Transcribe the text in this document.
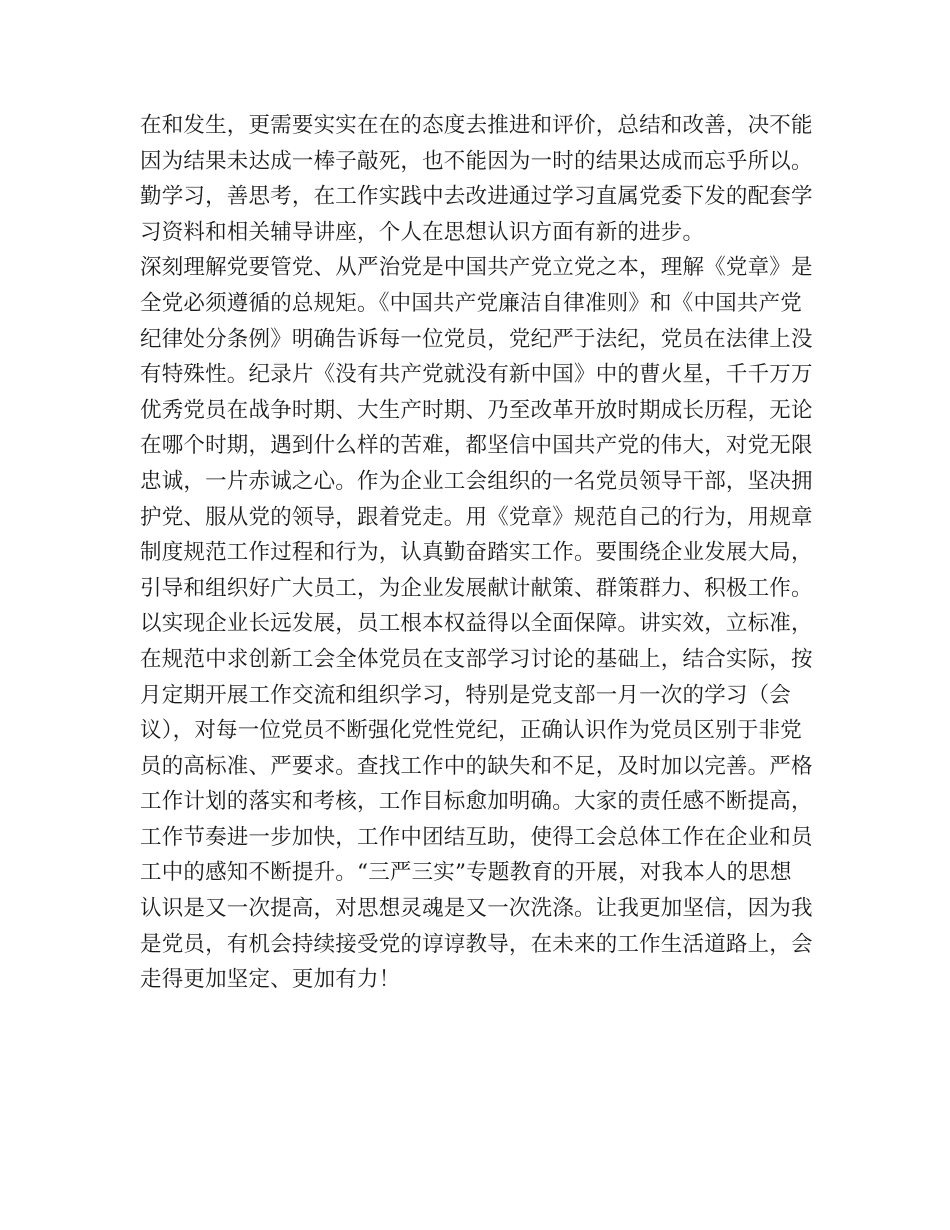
在和发生，更需要实实在在的态度去推进和评价，总结和改善，决不能
因为结果未达成一棒子敲死，也不能因为一时的结果达成而忘乎所以。
勤学习，善思考，在工作实践中去改进通过学习直属党委下发的配套学
习资料和相关辅导讲座，个人在思想认识方面有新的进步。
深刻理解党要管党、从严治党是中国共产党立党之本，理解《党章》是
全党必须遵循的总规矩。《中国共产党廉洁自律准则》和《中国共产党
纪律处分条例》明确告诉每一位党员，党纪严于法纪，党员在法律上没
有特殊性。纪录片《没有共产党就没有新中国》中的曹火星，千千万万
优秀党员在战争时期、大生产时期、乃至改革开放时期成长历程，无论
在哪个时期，遇到什么样的苦难，都坚信中国共产党的伟大，对党无限
忠诚，一片赤诚之心。作为企业工会组织的一名党员领导干部，坚决拥
护党、服从党的领导，跟着党走。用《党章》规范自己的行为，用规章
制度规范工作过程和行为，认真勤奋踏实工作。要围绕企业发展大局，
引导和组织好广大员工，为企业发展献计献策、群策群力、积极工作。
以实现企业长远发展，员工根本权益得以全面保障。讲实效，立标准，
在规范中求创新工会全体党员在支部学习讨论的基础上，结合实际，按
月定期开展工作交流和组织学习，特别是党支部一月一次的学习（会
议），对每一位党员不断强化党性党纪，正确认识作为党员区别于非党
员的高标准、严要求。查找工作中的缺失和不足，及时加以完善。严格
工作计划的落实和考核，工作目标愈加明确。大家的责任感不断提高，
工作节奏进一步加快，工作中团结互助，使得工会总体工作在企业和员
工中的感知不断提升。“三严三实”专题教育的开展，对我本人的思想
认识是又一次提高，对思想灵魂是又一次洗涤。让我更加坚信，因为我
是党员，有机会持续接受党的谆谆教导，在未来的工作生活道路上，会
走得更加坚定、更加有力！
